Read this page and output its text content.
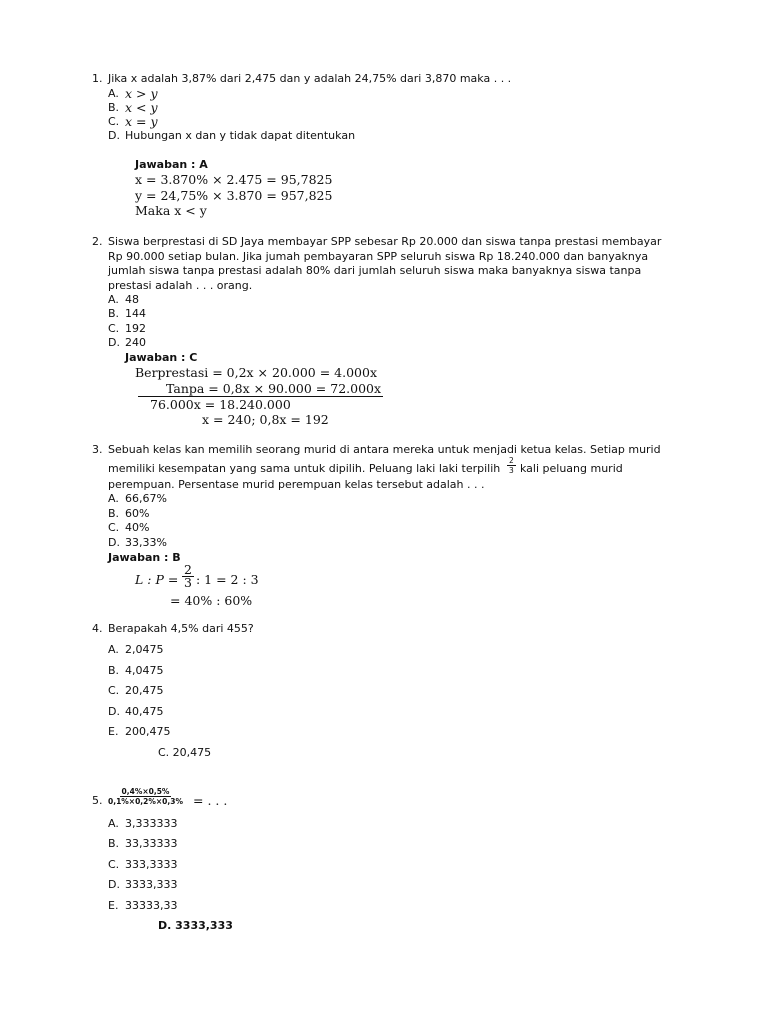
1. Jika x adalah 3,87% dari 2,475 dan y adalah 24,75% dari 3,870 maka . . .
A. x > y
B. x < y
C. x = y
D. Hubungan x dan y tidak dapat ditentukan
Jawaban : A
x = 3.870% × 2.475 = 95,7825
y = 24,75% × 3.870 = 957,825
Maka x < y
2. Siswa berprestasi di SD Jaya membayar SPP sebesar Rp 20.000 dan siswa tanpa prestasi membayar
Rp 90.000 setiap bulan. Jika jumah pembayaran SPP seluruh siswa Rp 18.240.000 dan banyaknya
jumlah siswa tanpa prestasi adalah 80% dari jumlah seluruh siswa maka banyaknya siswa tanpa
prestasi adalah . . . orang.
A. 48
B. 144
C. 192
D. 240
Jawaban : C
Berprestasi = 0,2x × 20.000 = 4.000x
Tanpa = 0,8x × 90.000 = 72.000x
76.000x = 18.240.000
x = 240; 0,8x = 192
3. Sebuah kelas kan memilih seorang murid di antara mereka untuk menjadi ketua kelas. Setiap murid
memiliki kesempatan yang sama untuk dipilih. Peluang laki laki terpilih $\frac{2}{3}$ kali peluang murid
perempuan. Persentase murid perempuan kelas tersebut adalah . . .
A. 66,67%
B. 60%
C. 40%
D. 33,33%
Jawaban : B
L : $P = \frac{2}{3}$ : 1 = 2 : 3
= 40% : 60%
4. Berapakah 4,5% dari 455?
A. 2,0475
B. 4,0475
C. 20,475
D. 40,475
E. 200,475
C. 20,475
5. $\frac{0,4\%\times 0,5\%}{0,1\%\times 0,2\%\times 0,3\%}$ = . . .
A. 3,333333
B. 33,33333
C. 333,3333
D. 3333,333
E. 33333,33
D. 3333,333
